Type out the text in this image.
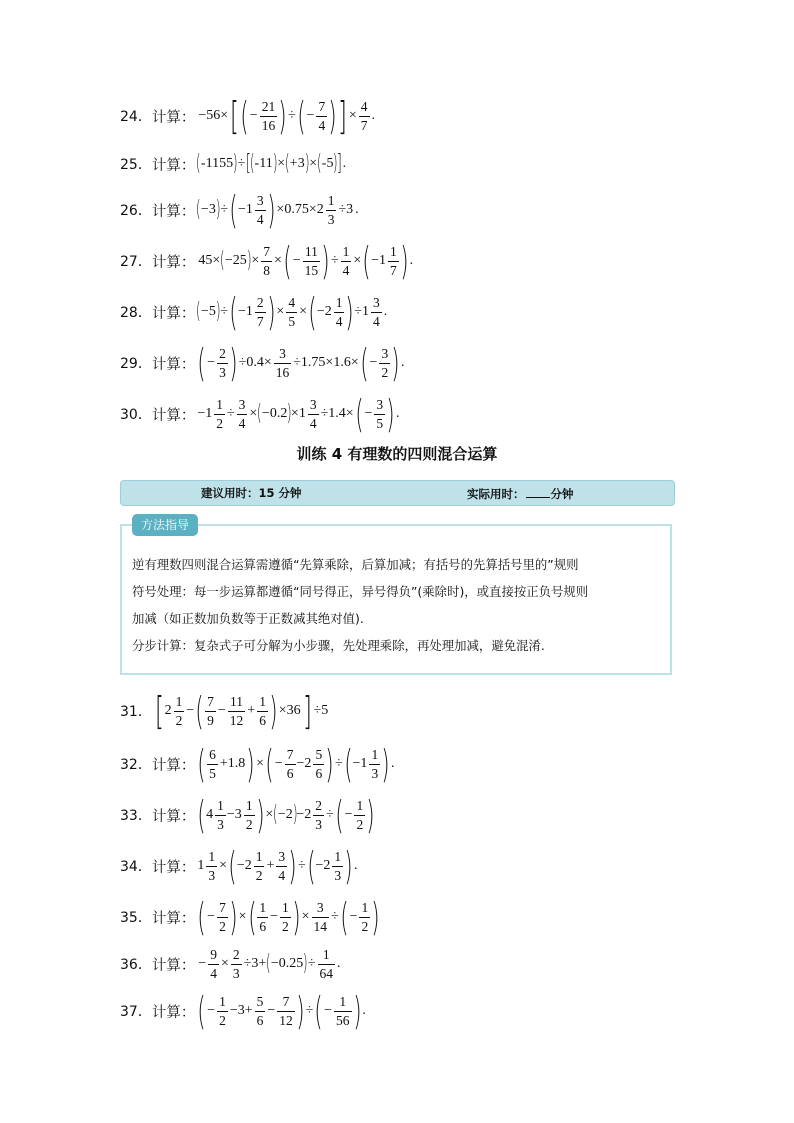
24． 计算： −56× [ ( − $\frac{21}{16}$ ) ÷ ( − $\frac{7}{4}$ ) ] × $\frac{4}{7}$ .
25． 计算： ( -1155 ) ÷ [
( -11 ) × ( +3 ) × ( -5 )
] .
26． 计算： ( −3 ) ÷ ( $-1 \frac{3}{4}$ ) $\times 0.75\times 2 \frac{1}{3} \div 3$ .
27． 计算： 45× ( −25 ) × $\frac{7}{8}$ × ( − $\frac{11}{15}$ ) ÷ $\frac{1}{4}$ × ( $-1 \frac{1}{7}$ ) .
28． 计算： ( −5 ) ÷ ( $-1 \frac{2}{7}$ ) × $\frac{4}{5}$ × ( $-2 \frac{1}{4}$ ) $\div 1 \frac{3}{4}$ .
29． 计算： ( − $\frac{2}{3}$ ) $\div 0.4\times \frac{3}{16} \div 1.75\times 1.6\times$ ( − $\frac{3}{2}$ ) .
30． 计算： $-1 \frac{1}{2} \div \frac{3}{4}$ × ( −0.2 )
$\times 1 \frac{3}{4} \div 1.4\times$ ( − $\frac{3}{5}$ ) .
训练 4 有理数的四则混合运算
建议用时：15 分钟	实际用时： 分钟
方法指导
逆有理数四则混合运算需遵循“先算乘除，后算加减；有括号的先算括号里的”规则
符号处理：每一步运算都遵循“同号得正，异号得负”(乘除时)，或直接按正负号规则
加减（如正数加负数等于正数减其绝对值).
分步计算：复杂式子可分解为小步骤，先处理乘除，再处理加减，避免混淆.
31． [ $2 \frac{1}{2}$ − ( $\frac{7}{9} - \frac{11}{12} + \frac{1}{6}$ ) ×36 ] ÷5
32． 计算： ( $\frac{6}{5} +1.8$ ) × ( − $\frac{7}{6} -2 \frac{5}{6}$ ) ÷ ( $-1 \frac{1}{3}$ ) .
33． 计算： ( $4 \frac{1}{3} -3 \frac{1}{2}$ ) × ( −2 )
$-2 \frac{2}{3}$ ÷ ( − $\frac{1}{2}$ )
34． 计算： $1 \frac{1}{3}$ × ( $-2 \frac{1}{2} + \frac{3}{4}$ ) ÷ ( $-2 \frac{1}{3}$ ) .
35． 计算： ( − $\frac{7}{2}$ ) × ( $\frac{1}{6} - \frac{1}{2}$ ) × $\frac{3}{14}$ ÷ ( − $\frac{1}{2}$ )
36． 计算： − $\frac{9}{4} \times \frac{2}{3} \div 3+$ ( −0.25 ) ÷ $\frac{1}{64}$ .
37． 计算： ( − $\frac{1}{2} -3+ \frac{5}{6} - \frac{7}{12}$ ) ÷ ( − $\frac{1}{56}$ ) .
